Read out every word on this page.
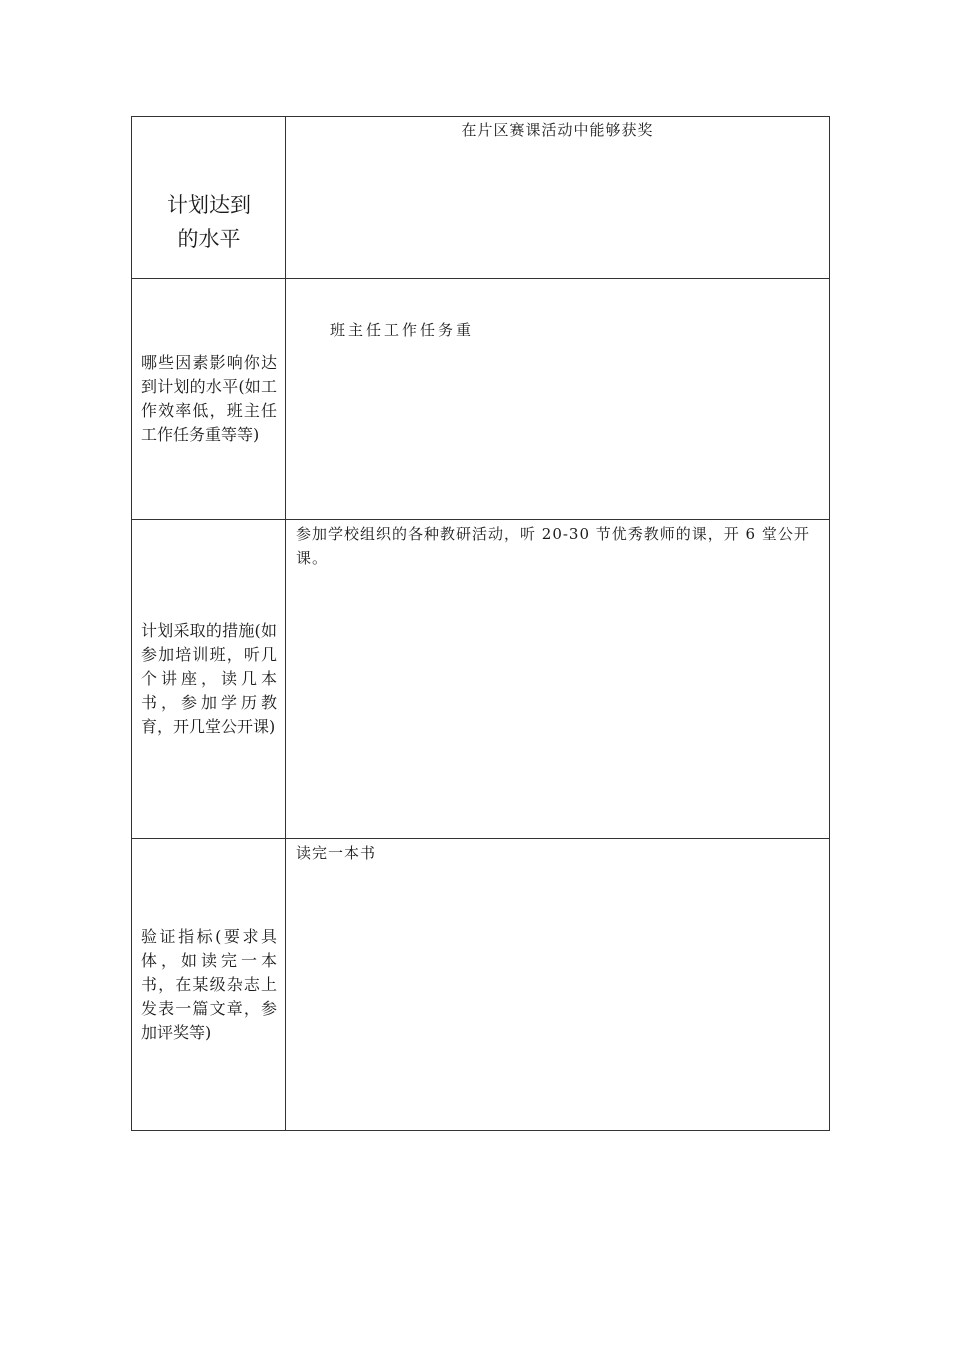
计划达到
的水平	在片区赛课活动中能够获奖

哪些因素影响你达到计划的水平(如工作效率低，班主任工作任务重等等)	班主任工作任务重

计划采取的措施(如参加培训班，听几个讲座，读几本书，参加学历教育，开几堂公开课)	参加学校组织的各种教研活动，听 20-30 节优秀教师的课，开 6 堂公开课。

验证指标(要求具体，如读完一本书，在某级杂志上发表一篇文章，参加评奖等)	读完一本书
